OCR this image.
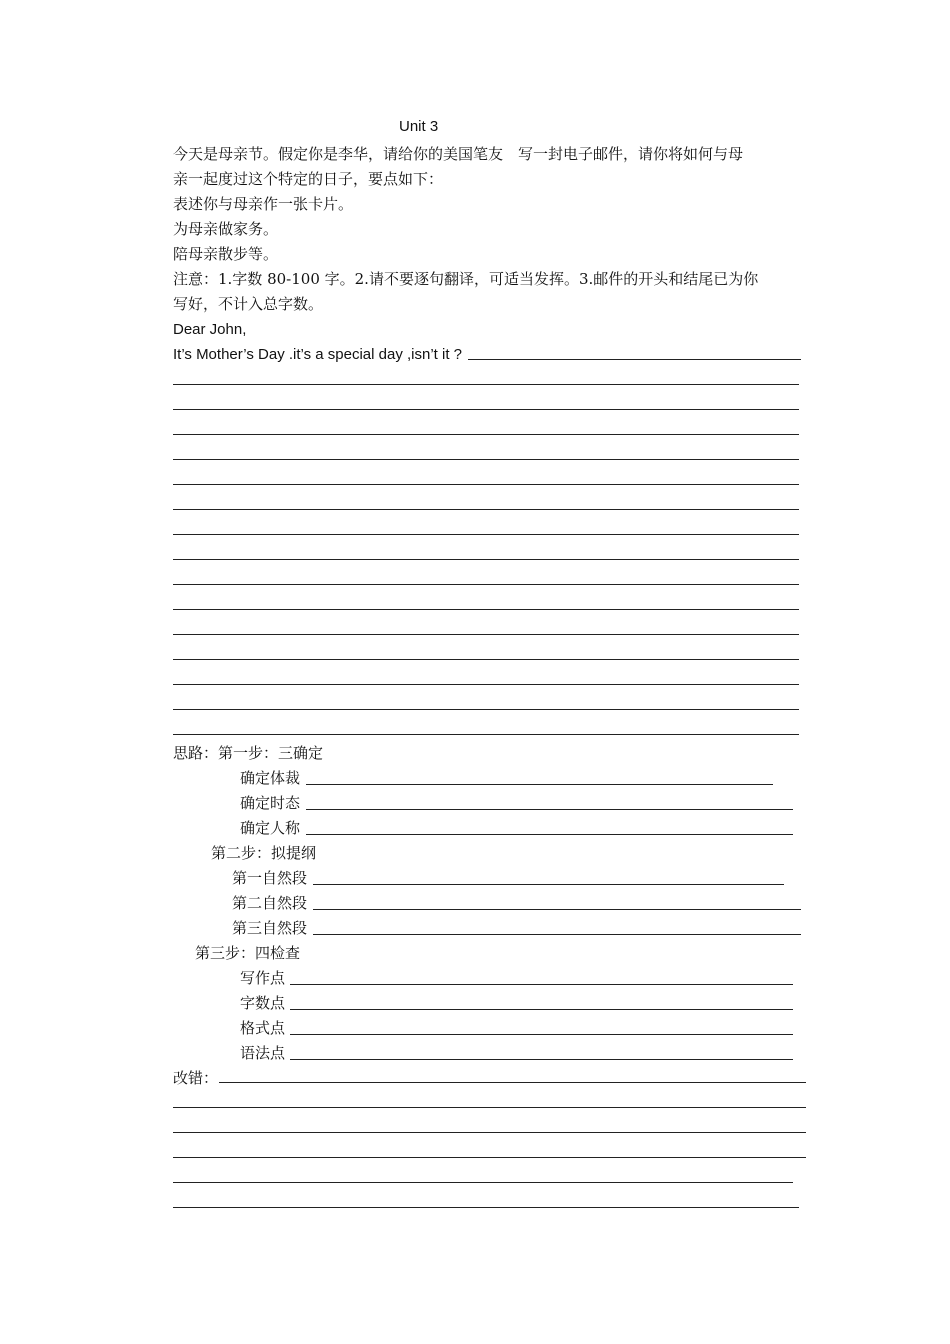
Unit 3
今天是母亲节。假定你是李华，请给你的美国笔友　写一封电子邮件，请你将如何与母
亲一起度过这个特定的日子，要点如下：
表述你与母亲作一张卡片。
为母亲做家务。
陪母亲散步等。
注意：1.字数 80-100 字。2.请不要逐句翻译，可适当发挥。3.邮件的开头和结尾已为你
写好，不计入总字数。
Dear John,
It’s Mother’s Day .it’s a special day ,isn’t it ?
思路：第一步：三确定
确定体裁
确定时态
确定人称
第二步：拟提纲
第一自然段
第二自然段
第三自然段
第三步：四检查
写作点
字数点
格式点
语法点
改错：
